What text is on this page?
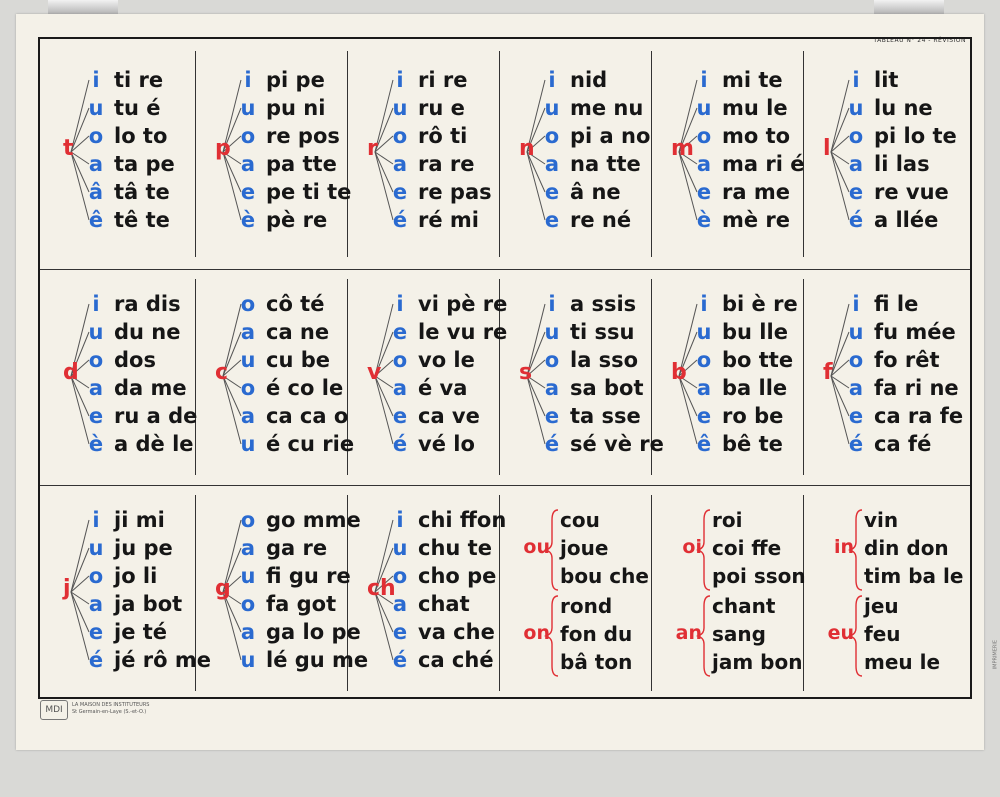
TABLEAU N° 24 - RÉVISION
t
i ti re
u tu é
o lo to
a ta pe
â tâ te
ê tê te
p
i pi pe
u pu ni
o re pos
a pa tte
e pe ti te
è pè re
r
i ri re
u ru e
o rô ti
a ra re
e re pas
é ré mi
n
i nid
u me nu
o pi a no
a na tte
e â ne
e re né
m
i mi te
u mu le
o mo to
a ma ri é
e ra me
è mè re
l
i lit
u lu ne
o pi lo te
a li las
e re vue
é a llée
d
i ra dis
u du ne
o dos
a da me
e ru a de
è a dè le
c
o cô té
a ca ne
u cu be
o é co le
a ca ca o
u é cu rie
v
i vi pè re
e le vu re
o vo le
a é va
e ca ve
é vé lo
s
i a ssis
u ti ssu
o la sso
a sa bot
e ta sse
é sé vè re
b
i bi è re
u bu lle
o bo tte
a ba lle
e ro be
ê bê te
f
i fi le
u fu mée
o fo rêt
a fa ri ne
e ca ra fe
é ca fé
j
i ji mi
u ju pe
o jo li
a ja bot
e je té
é jé rô me
g
o go mme
a ga re
u fi gu re
o fa got
a ga lo pe
u lé gu me
ch
i chi ffon
u chu te
o cho pe
a chat
e va che
é ca ché
ou
cou
joue
bou che
on
rond
fon du
bâ ton
oi
roi
coi ffe
poi sson
an
chant
sang
jam bon
in
vin
din don
tim ba le
eu
jeu
feu
meu le
MDI	LA MAISON DES INSTITUTEURS
St Germain-en-Laye (S.-et-O.)
IMPRIMERIE
